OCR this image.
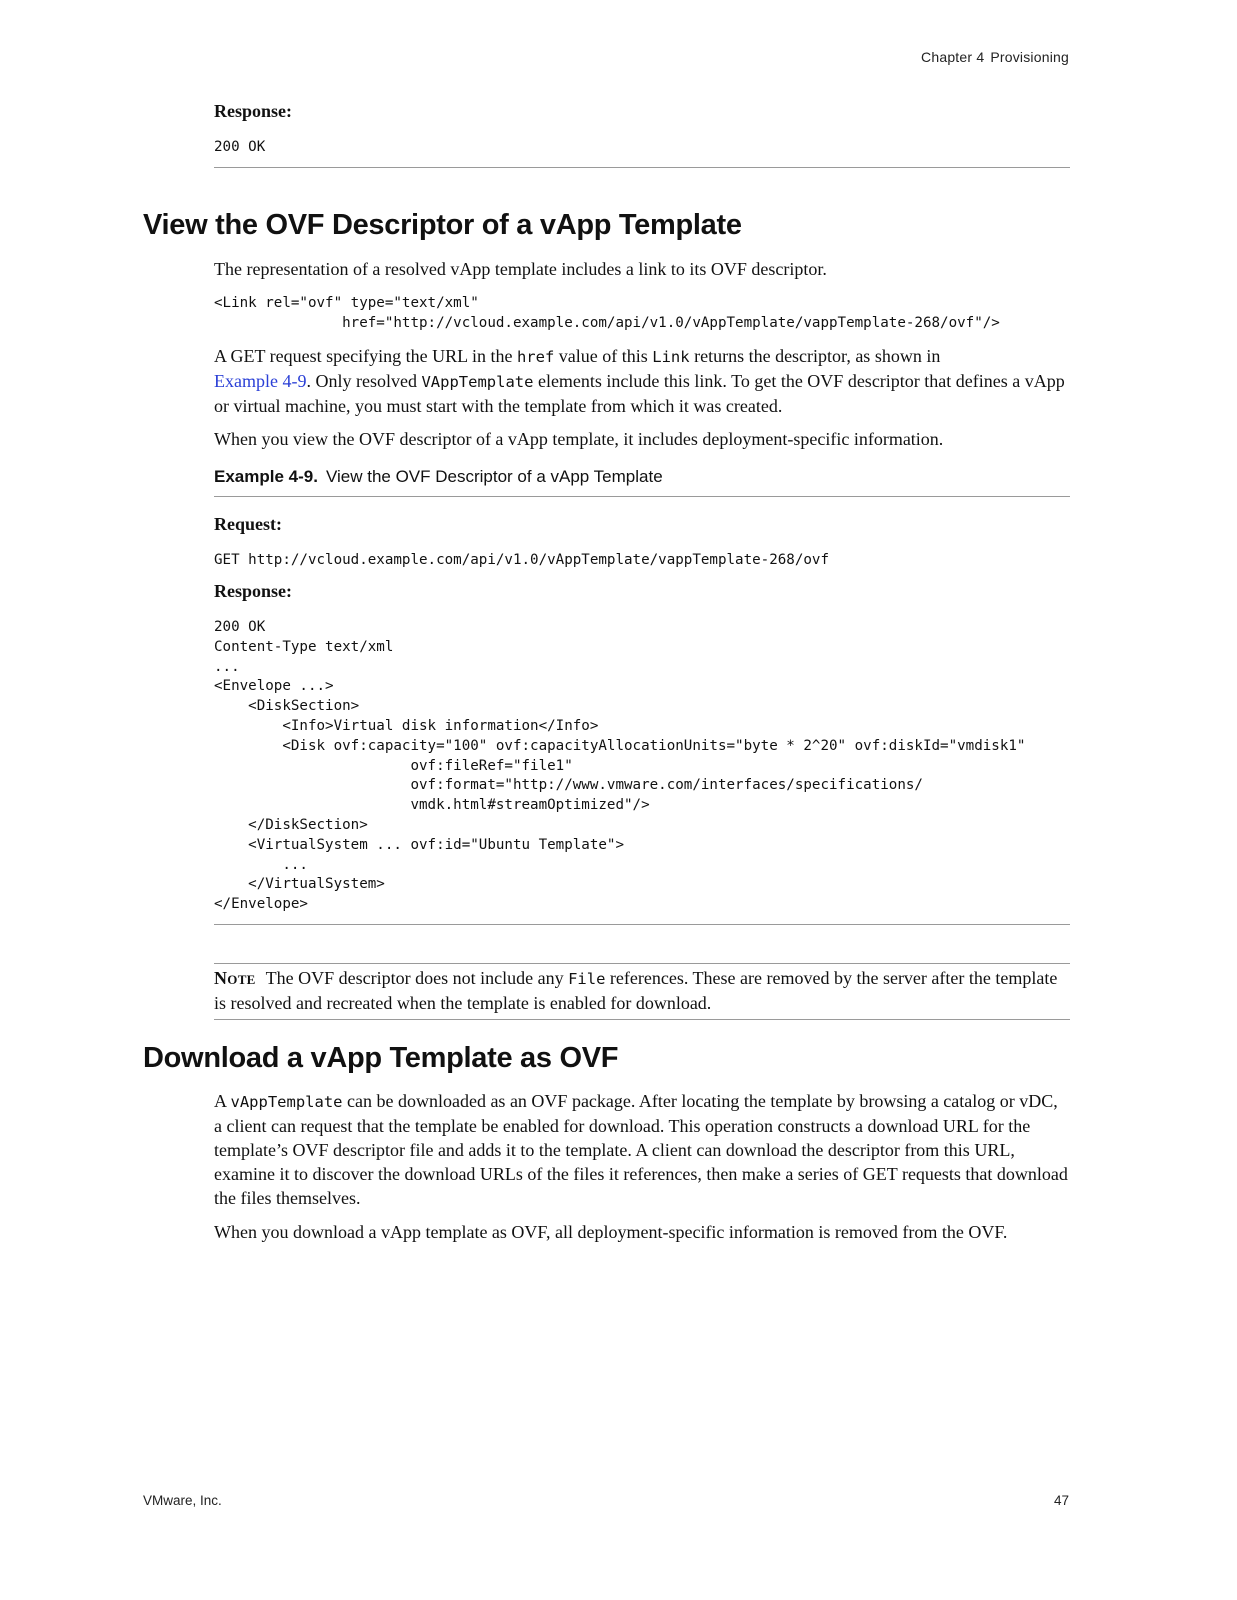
Chapter 4 Provisioning
Response:
200 OK
View the OVF Descriptor of a vApp Template

The representation of a resolved vApp template includes a link to its OVF descriptor.

<Link rel="ovf" type="text/xml"
href="http://vcloud.example.com/api/v1.0/vAppTemplate/vappTemplate-268/ovf"/>

A GET request specifying the URL in the href value of this Link returns the descriptor, as shown in
Example 4-9. Only resolved VAppTemplate elements include this link. To get the OVF descriptor that defines a vApp or virtual machine, you must start with the template from which it was created.

When you view the OVF descriptor of a vApp template, it includes deployment-specific information.

Example 4-9. View the OVF Descriptor of a vApp Template
Request:
GET http://vcloud.example.com/api/v1.0/vAppTemplate/vappTemplate-268/ovf
Response:
200 OK
Content-Type text/xml
...
<Envelope ...>
<DiskSection>
<Info>Virtual disk information</Info>
<Disk ovf:capacity="100" ovf:capacityAllocationUnits="byte * 2^20" ovf:diskId="vmdisk1"
ovf:fileRef="file1"
ovf:format="http://www.vmware.com/interfaces/specifications/
vmdk.html#streamOptimized"/>
</DiskSection>
<VirtualSystem ... ovf:id="Ubuntu Template">
...
</VirtualSystem>
</Envelope>

Note The OVF descriptor does not include any File references. These are removed by the server after the template is resolved and recreated when the template is enabled for download.

Download a vApp Template as OVF

A vAppTemplate can be downloaded as an OVF package. After locating the template by browsing a catalog or vDC, a client can request that the template be enabled for download. This operation constructs a download URL for the template’s OVF descriptor file and adds it to the template. A client can download the descriptor from this URL, examine it to discover the download URLs of the files it references, then make a series of GET requests that download the files themselves.

When you download a vApp template as OVF, all deployment-specific information is removed from the OVF.

VMware, Inc.	47
